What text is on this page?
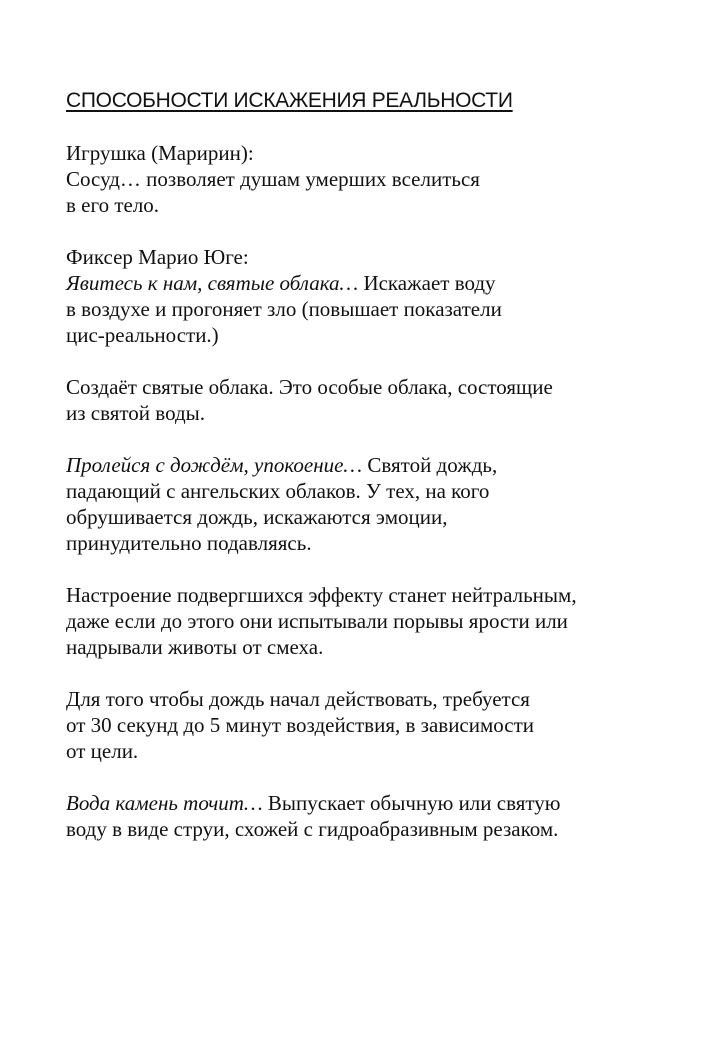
СПОСОБНОСТИ ИСКАЖЕНИЯ РЕАЛЬНОСТИ
Игрушка (Маририн):
Сосуд… позволяет душам умерших вселиться
в его тело.
Фиксер Марио Юге:
Явитесь к нам, святые облака… Искажает воду
в воздухе и прогоняет зло (повышает показатели
цис-реальности.)
Создаёт святые облака. Это особые облака, состоящие
из святой воды.
Пролейся с дождём, упокоение… Святой дождь,
падающий с ангельских облаков. У тех, на кого
обрушивается дождь, искажаются эмоции,
принудительно подавляясь.
Настроение подвергшихся эффекту станет нейтральным,
даже если до этого они испытывали порывы ярости или
надрывали животы от смеха.
Для того чтобы дождь начал действовать, требуется
от 30 секунд до 5 минут воздействия, в зависимости
от цели.
Вода камень точит… Выпускает обычную или святую
воду в виде струи, схожей с гидроабразивным резаком.
